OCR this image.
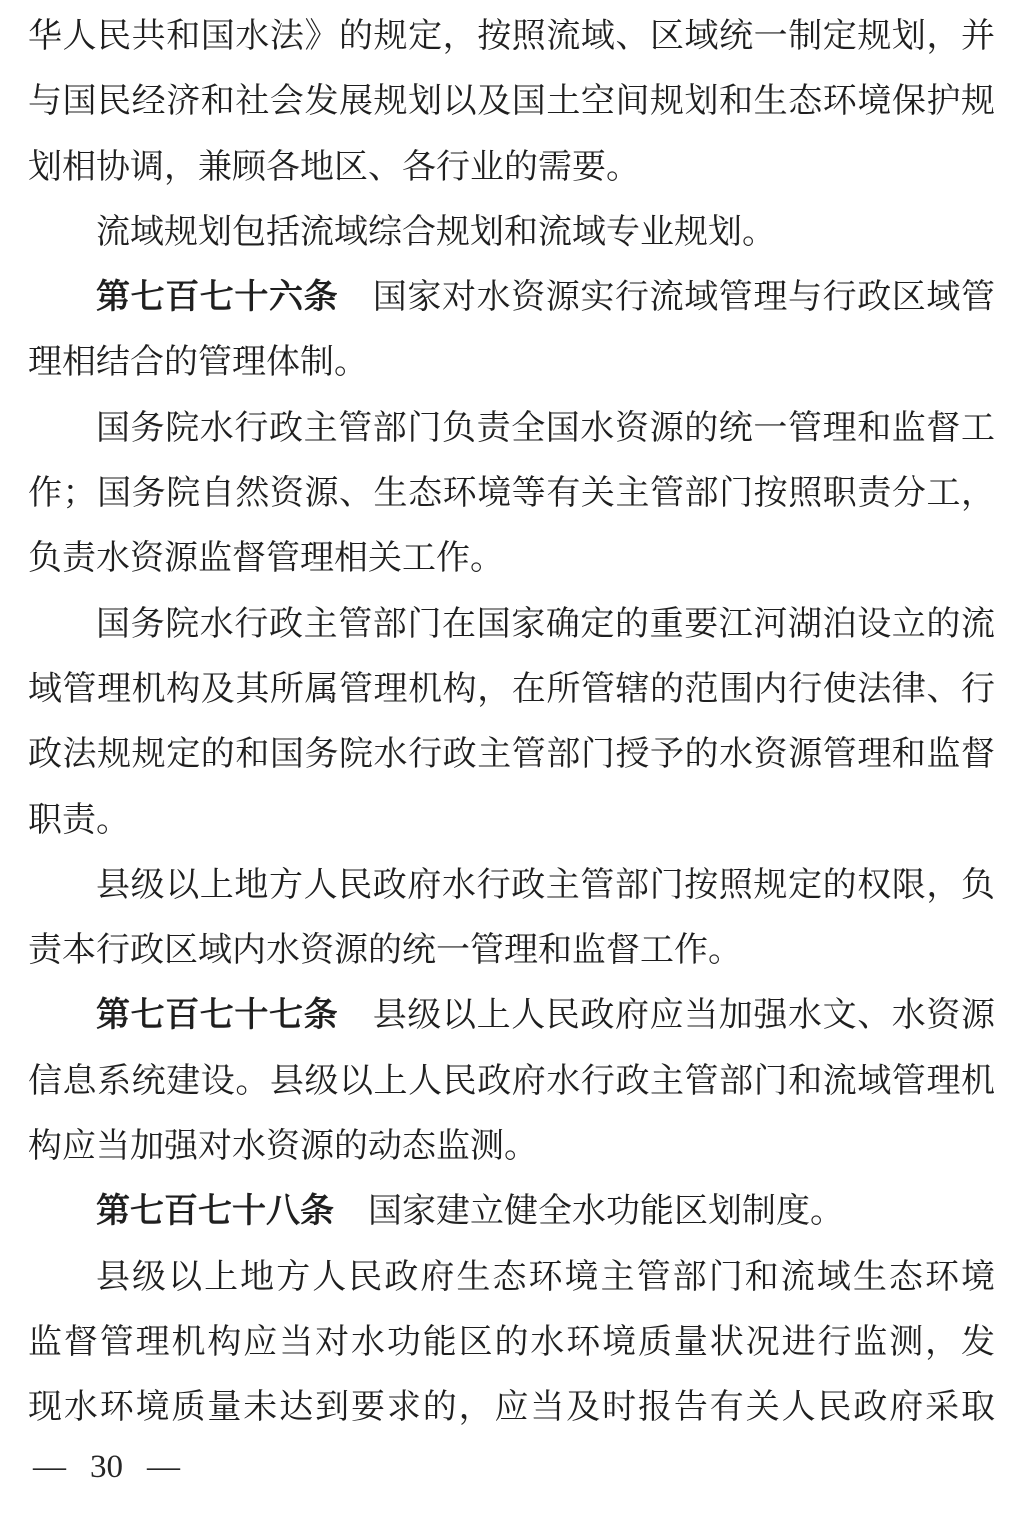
华人民共和国水法》的规定，按照流域、区域统一制定规划，并
与国民经济和社会发展规划以及国土空间规划和生态环境保护规
划相协调，兼顾各地区、各行业的需要。
流域规划包括流域综合规划和流域专业规划。
第七百七十六条　国家对水资源实行流域管理与行政区域管
理相结合的管理体制。
国务院水行政主管部门负责全国水资源的统一管理和监督工
作；国务院自然资源、生态环境等有关主管部门按照职责分工，
负责水资源监督管理相关工作。
国务院水行政主管部门在国家确定的重要江河湖泊设立的流
域管理机构及其所属管理机构，在所管辖的范围内行使法律、行
政法规规定的和国务院水行政主管部门授予的水资源管理和监督
职责。
县级以上地方人民政府水行政主管部门按照规定的权限，负
责本行政区域内水资源的统一管理和监督工作。
第七百七十七条　县级以上人民政府应当加强水文、水资源
信息系统建设。县级以上人民政府水行政主管部门和流域管理机
构应当加强对水资源的动态监测。
第七百七十八条　国家建立健全水功能区划制度。
县级以上地方人民政府生态环境主管部门和流域生态环境
监督管理机构应当对水功能区的水环境质量状况进行监测，发
现水环境质量未达到要求的，应当及时报告有关人民政府采取
— 30 —
